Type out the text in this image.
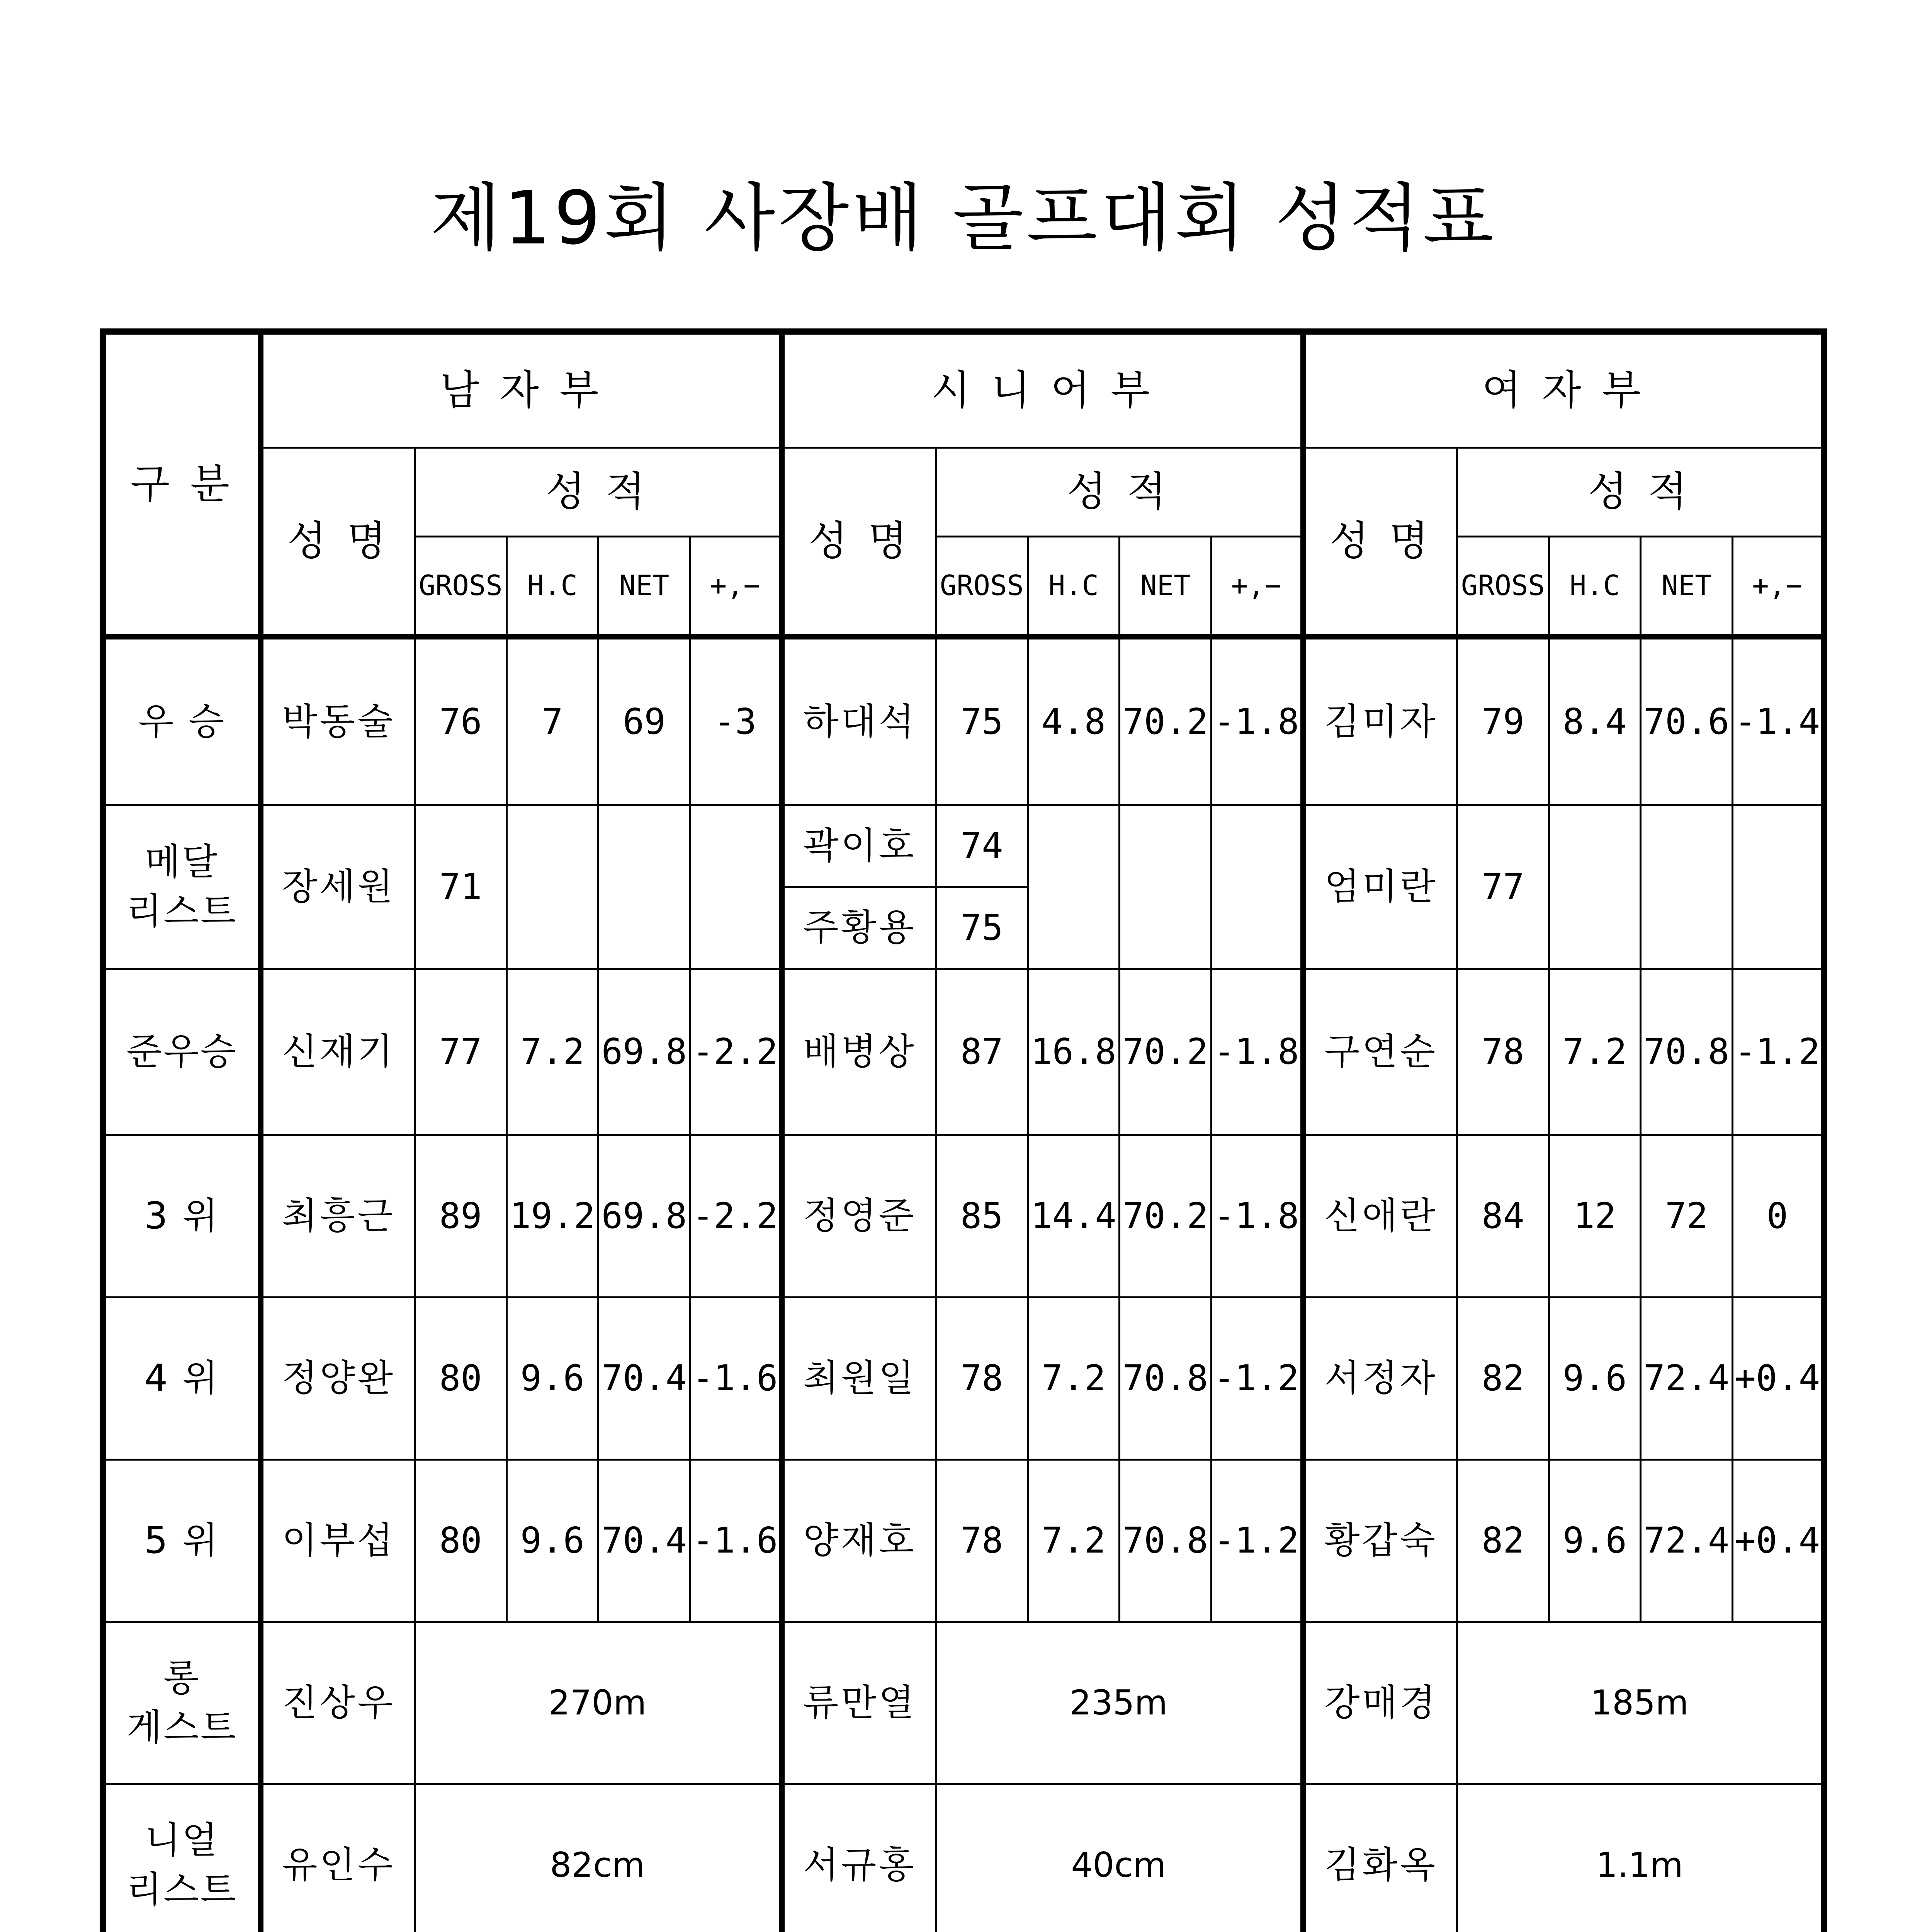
제19회 사장배 골프대회 성적표
구 분	남 자 부					시 니 어 부					여 자 부				
	성 명	성 적				성 명	성 적				성 명	성 적			
		GROSS	H.C	NET	+,−		GROSS	H.C	NET	+,−		GROSS	H.C	NET	+,−
우 승	박동술	76	7	69	-3	하대석	75	4.8	70.2	-1.8	김미자	79	8.4	70.6	-1.4
메달
리스트	장세원	71				곽이호	74				엄미란	77			
						주황용	75								
준우승	신재기	77	7.2	69.8	-2.2	배병상	87	16.8	70.2	-1.8	구연순	78	7.2	70.8	-1.2
3 위	최흥근	89	19.2	69.8	-2.2	정영준	85	14.4	70.2	-1.8	신애란	84	12	72	0
4 위	정양완	80	9.6	70.4	-1.6	최원일	78	7.2	70.8	-1.2	서정자	82	9.6	72.4	+0.4
5 위	이부섭	80	9.6	70.4	-1.6	양재호	78	7.2	70.8	-1.2	황갑숙	82	9.6	72.4	+0.4
롱
게스트	진상우	270m				류만열	235m				강매경	185m			
니얼
리스트	유인수	82cm				서규홍	40cm				김화옥	1.1m			
